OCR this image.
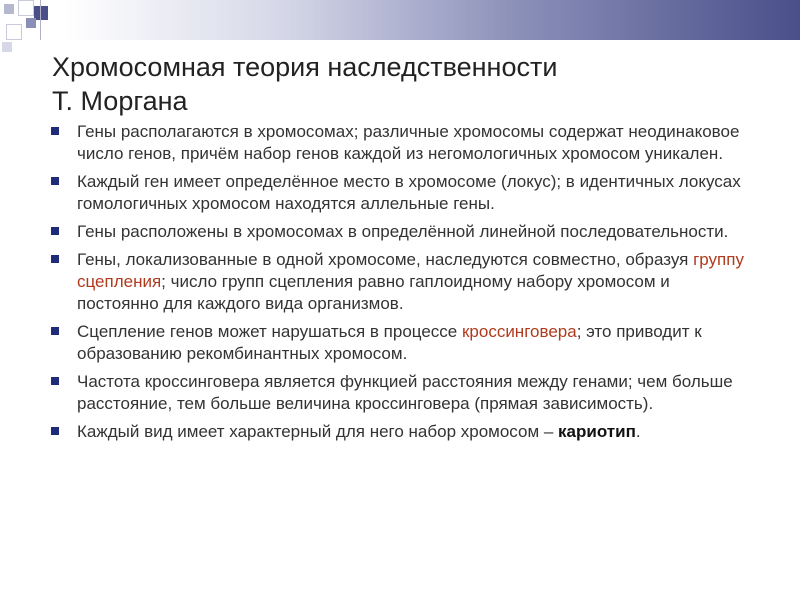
Хромосомная теория наследственности
Т. Моргана
Гены располагаются в хромосомах; различные хромосомы содержат неодинаковое число генов, причём набор генов каждой из негомологичных хромосом уникален.
Каждый ген имеет определённое место в хромосоме (локус); в идентичных локусах гомологичных хромосом находятся аллельные гены.
Гены расположены в хромосомах в определённой линейной последовательности.
Гены, локализованные в одной хромосоме, наследуются совместно, образуя группу сцепления; число групп сцепления равно гаплоидному набору хромосом и постоянно для каждого вида организмов.
Сцепление генов может нарушаться в процессе кроссинговера; это приводит к образованию рекомбинантных хромосом.
Частота кроссинговера является функцией расстояния между генами; чем больше расстояние, тем больше величина кроссинговера (прямая зависимость).
Каждый вид имеет характерный для него набор хромосом – кариотип.
